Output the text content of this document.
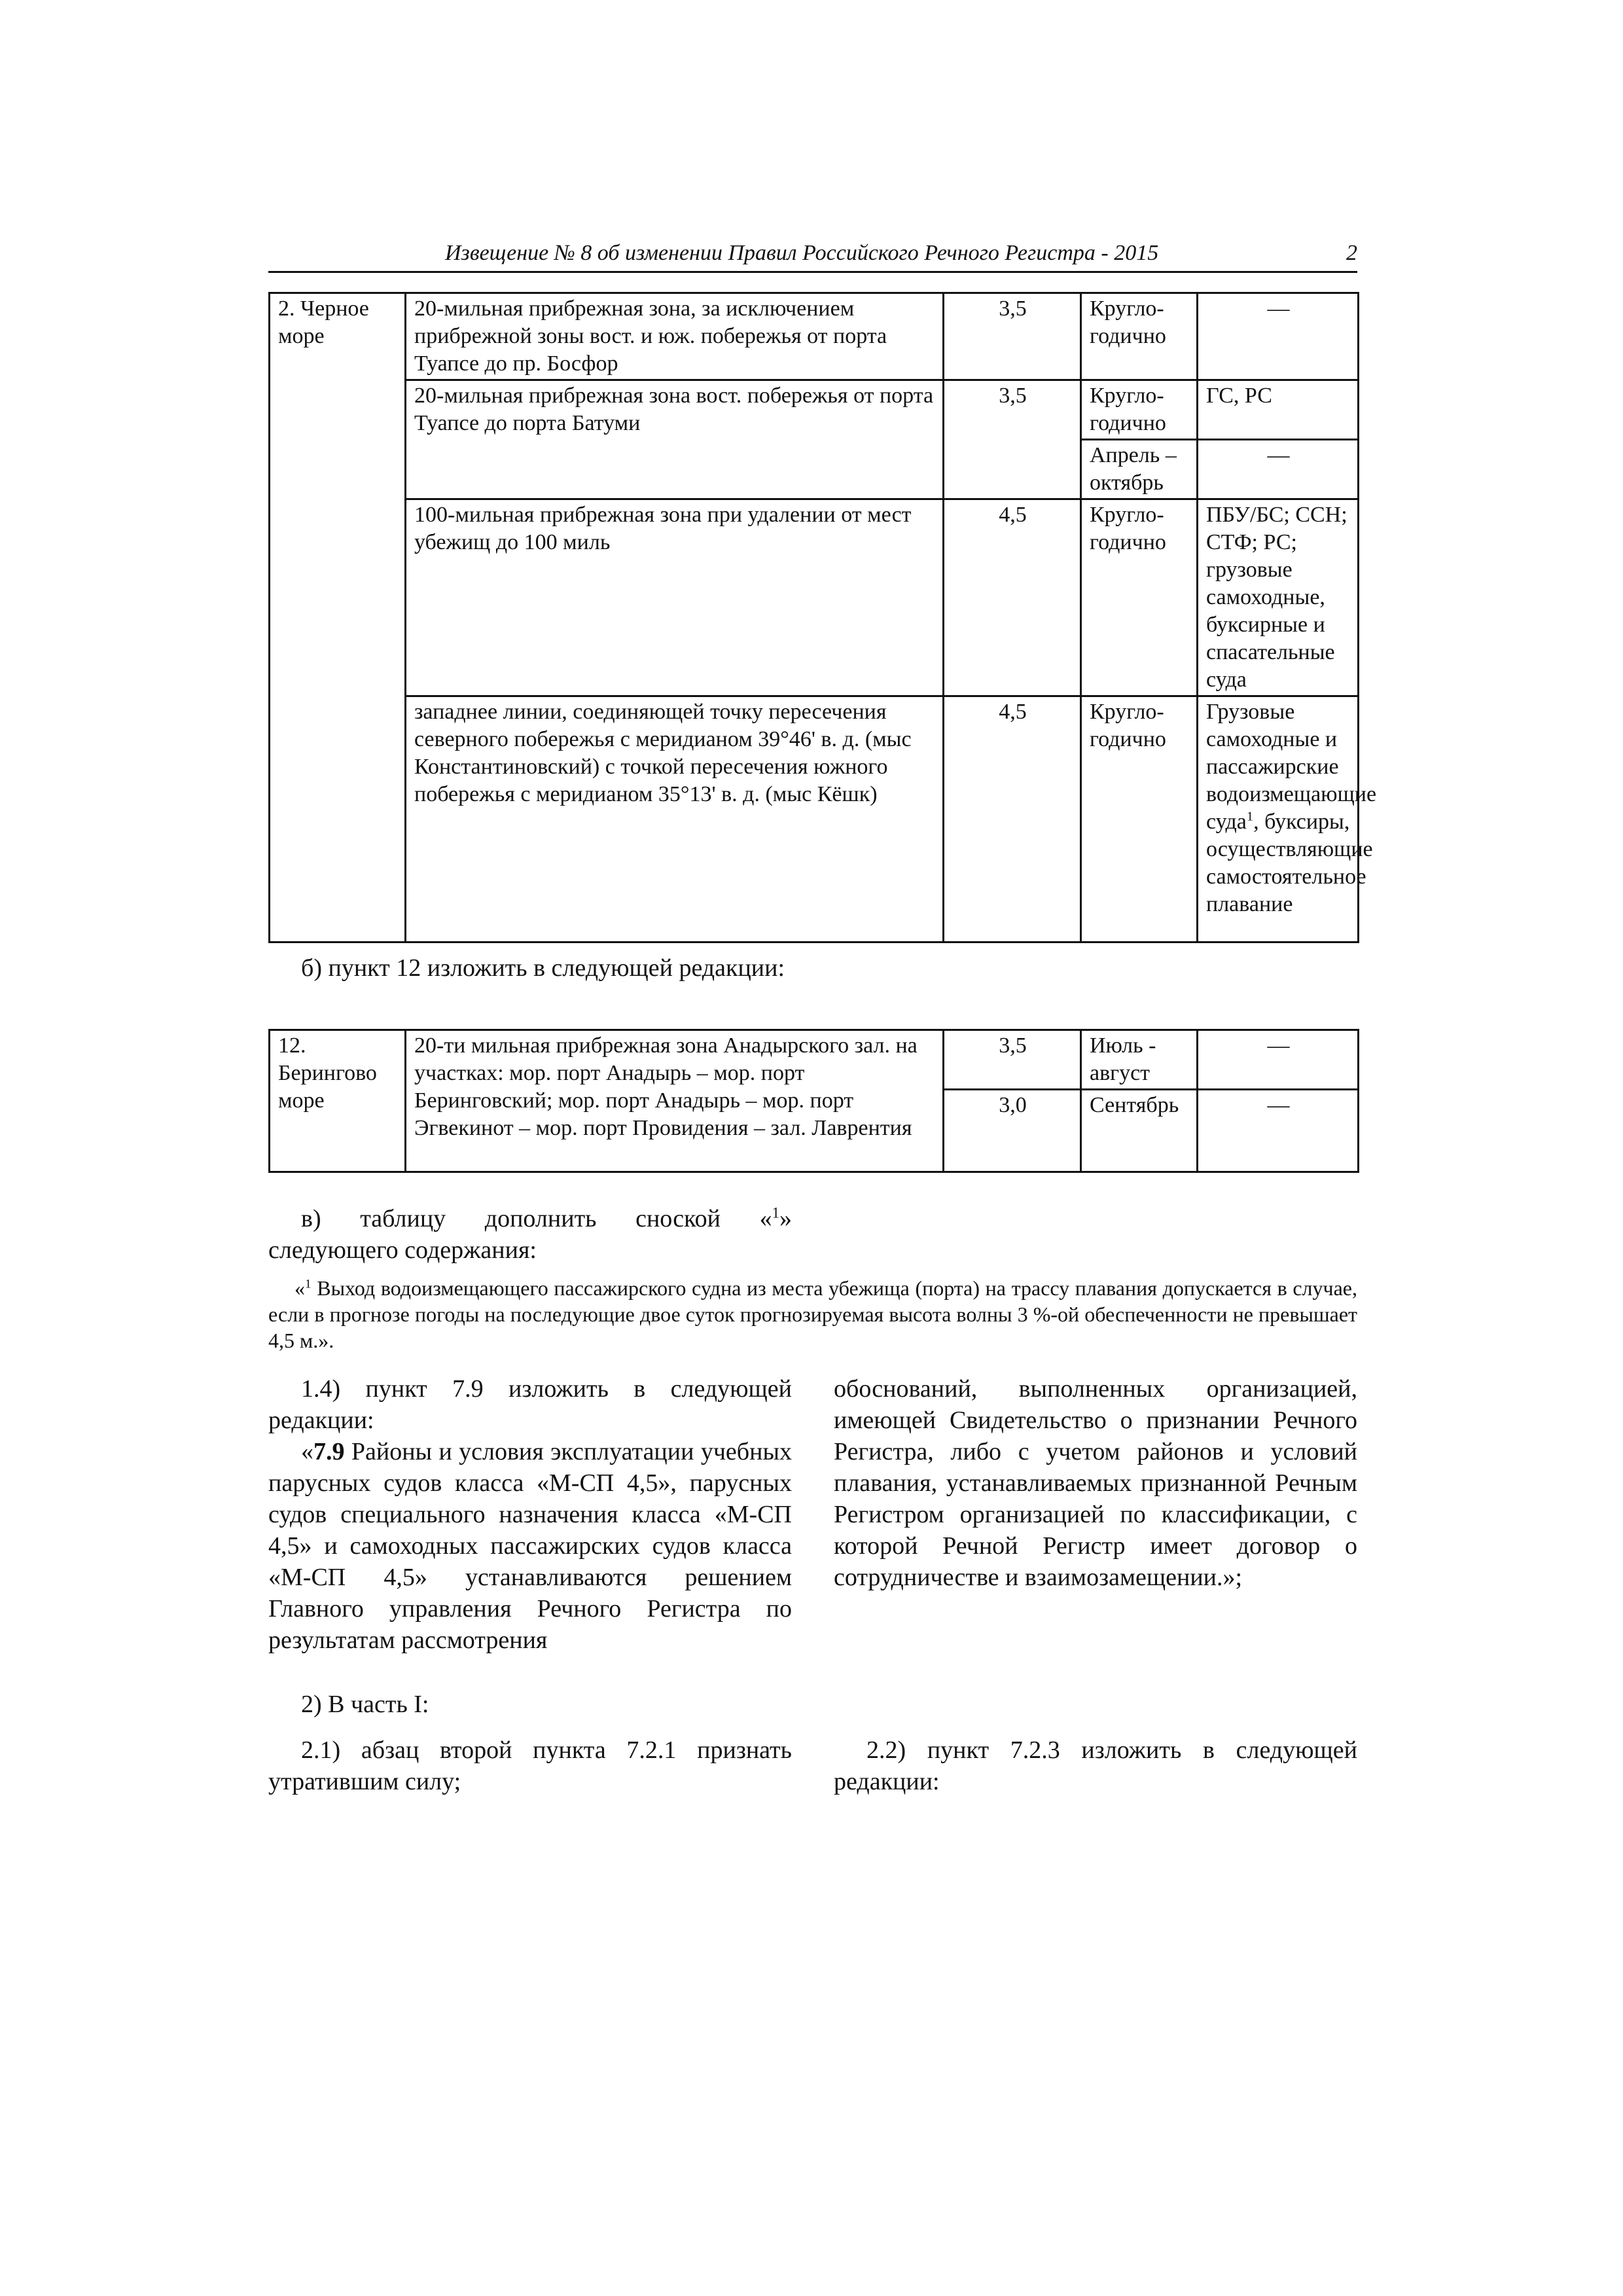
Извещение № 8 об изменении Правил Российского Речного Регистра - 2015	2
2. Черное море	20-мильная прибрежная зона, за исключением прибрежной зоны вост. и юж. побережья от порта Туапсе до пр. Босфор	3,5	Кругло-годично	—
	20-мильная прибрежная зона вост. побережья от порта Туапсе до порта Батуми	3,5	Кругло-годично	ГС, РС
			Апрель – октябрь	—
	100-мильная прибрежная зона при удалении от мест убежищ до 100 миль	4,5	Кругло-годично	ПБУ/БС; ССН; СТФ; РС; грузовые самоходные, буксирные и спасательные суда
	западнее линии, соединяющей точку пересечения северного побережья с меридианом 39°46' в. д. (мыс Константиновский) с точкой пересечения южного побережья с меридианом 35°13' в. д. (мыс Кёшк)	4,5	Кругло-годично	Грузовые самоходные и пассажирские водоизмещающие суда$^1$, буксиры, осуществляющие самостоятельное плавание
б) пункт 12 изложить в следующей редакции:
12. Берингово море	20-ти мильная прибрежная зона Анадырского зал. на участках: мор. порт Анадырь – мор. порт Беринговский; мор. порт Анадырь – мор. порт Эгвекинот – мор. порт Провидения – зал. Лаврентия	3,5	Июль - август	—
		3,0	Сентябрь	—
в) таблицу дополнить сноской «$^1$» следующего содержания:
«$^1$ Выход водоизмещающего пассажирского судна из места убежища (порта) на трассу плавания допускается в случае, если в прогнозе погоды на последующие двое суток прогнозируемая высота волны 3 %-ой обеспеченности не превышает 4,5 м.».
1.4) пункт 7.9 изложить в следующей редакции:
«7.9 Районы и условия эксплуатации учебных парусных судов класса «М-СП 4,5», парусных судов специального назначения класса «М-СП 4,5» и самоходных пассажирских судов класса «М-СП 4,5» устанавливаются решением Главного управления Речного Регистра по результатам рассмотрения
обоснований, выполненных организацией, имеющей Свидетельство о признании Речного Регистра, либо с учетом районов и условий плавания, устанавливаемых признанной Речным Регистром организацией по классификации, с которой Речной Регистр имеет договор о сотрудничестве и взаимозамещении.»;
2) В часть I:
2.1) абзац второй пункта 7.2.1 признать утратившим силу;
2.2) пункт 7.2.3 изложить в следующей редакции:
